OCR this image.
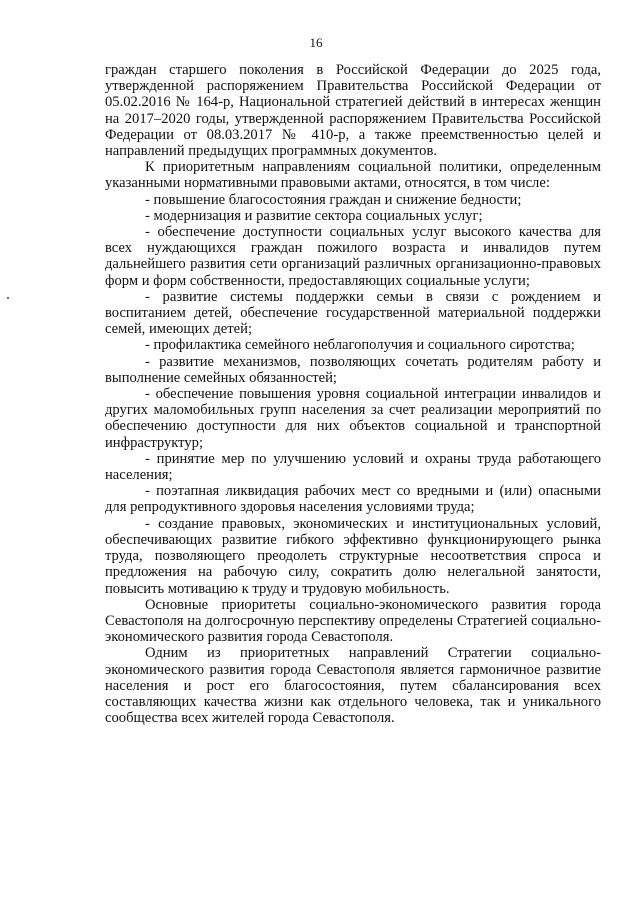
16

граждан старшего поколения в Российской Федерации до 2025 года, утвержденной распоряжением Правительства Российской Федерации от 05.02.2016 № 164-р, Национальной стратегией действий в интересах женщин на 2017–2020 годы, утвержденной распоряжением Правительства Российской Федерации от 08.03.2017 № 410-р, а также преемственностью целей и направлений предыдущих программных документов.

К приоритетным направлениям социальной политики, определенным указанными нормативными правовыми актами, относятся, в том числе:

- повышение благосостояния граждан и снижение бедности;

- модернизация и развитие сектора социальных услуг;

- обеспечение доступности социальных услуг высокого качества для всех нуждающихся граждан пожилого возраста и инвалидов путем дальнейшего развития сети организаций различных организационно-правовых форм и форм собственности, предоставляющих социальные услуги;

- развитие системы поддержки семьи в связи с рождением и воспитанием детей, обеспечение государственной материальной поддержки семей, имеющих детей;

- профилактика семейного неблагополучия и социального сиротства;

- развитие механизмов, позволяющих сочетать родителям работу и выполнение семейных обязанностей;

- обеспечение повышения уровня социальной интеграции инвалидов и других маломобильных групп населения за счет реализации мероприятий по обеспечению доступности для них объектов социальной и транспортной инфраструктур;

- принятие мер по улучшению условий и охраны труда работающего населения;

- поэтапная ликвидация рабочих мест со вредными и (или) опасными для репродуктивного здоровья населения условиями труда;

- создание правовых, экономических и институциональных условий, обеспечивающих развитие гибкого эффективно функционирующего рынка труда, позволяющего преодолеть структурные несоответствия спроса и предложения на рабочую силу, сократить долю нелегальной занятости, повысить мотивацию к труду и трудовую мобильность.

Основные приоритеты социально-экономического развития города Севастополя на долгосрочную перспективу определены Стратегией социально-экономического развития города Севастополя.

Одним из приоритетных направлений Стратегии социально-экономического развития города Севастополя является гармоничное развитие населения и рост его благосостояния, путем сбалансирования всех составляющих качества жизни как отдельного человека, так и уникального сообщества всех жителей города Севастополя.
